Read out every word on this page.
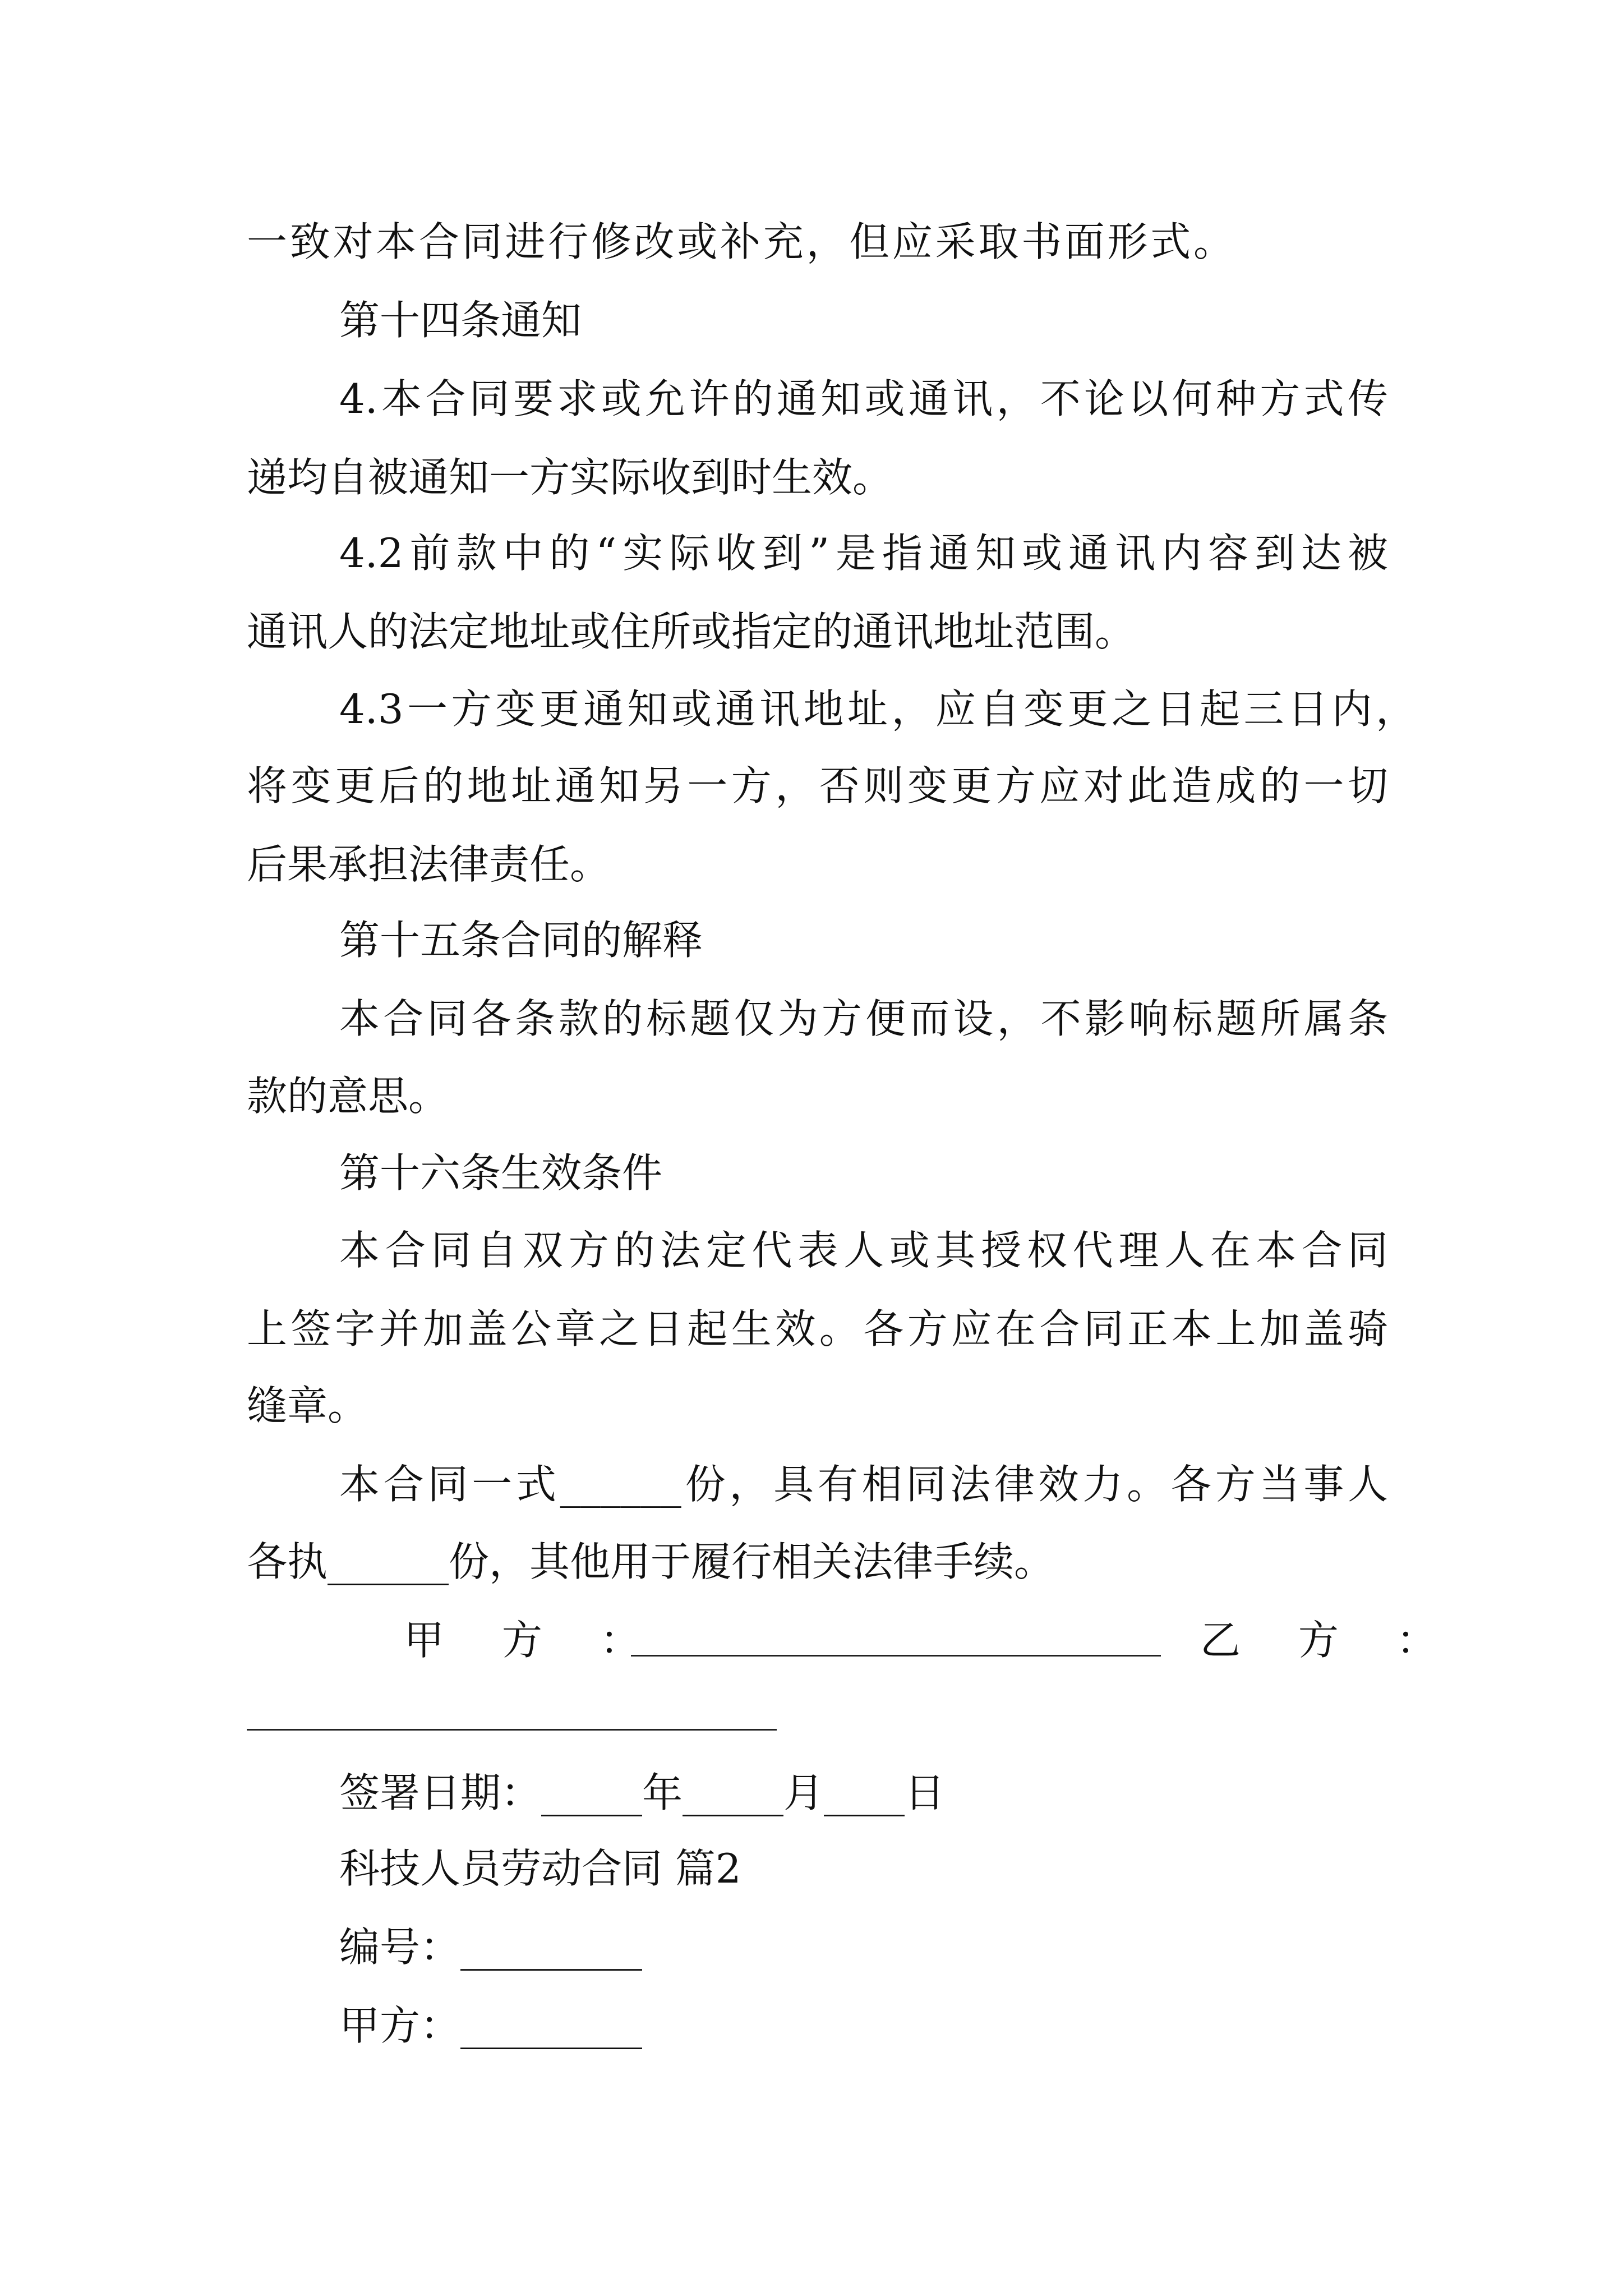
一致对本合同进行修改或补充，但应采取书面形式。
第十四条通知
4.本合同要求或允许的通知或通讯，不论以何种方式传
递均自被通知一方实际收到时生效。
4.2前款中的“实际收到”是指通知或通讯内容到达被
通讯人的法定地址或住所或指定的通讯地址范围。
4.3一方变更通知或通讯地址，应自变更之日起三日内，
将变更后的地址通知另一方，否则变更方应对此造成的一切
后果承担法律责任。
第十五条合同的解释
本合同各条款的标题仅为方便而设，不影响标题所属条
款的意思。
第十六条生效条件
本合同自双方的法定代表人或其授权代理人在本合同
上签字并加盖公章之日起生效。各方应在合同正本上加盖骑
缝章。
本合同一式______份，具有相同法律效力。各方当事人
各执______份，其他用于履行相关法律手续。
甲 方 ：	乙 方 ：
签署日期：_____年_____月____日
科技人员劳动合同 篇2
编号：_________
甲方：_________
